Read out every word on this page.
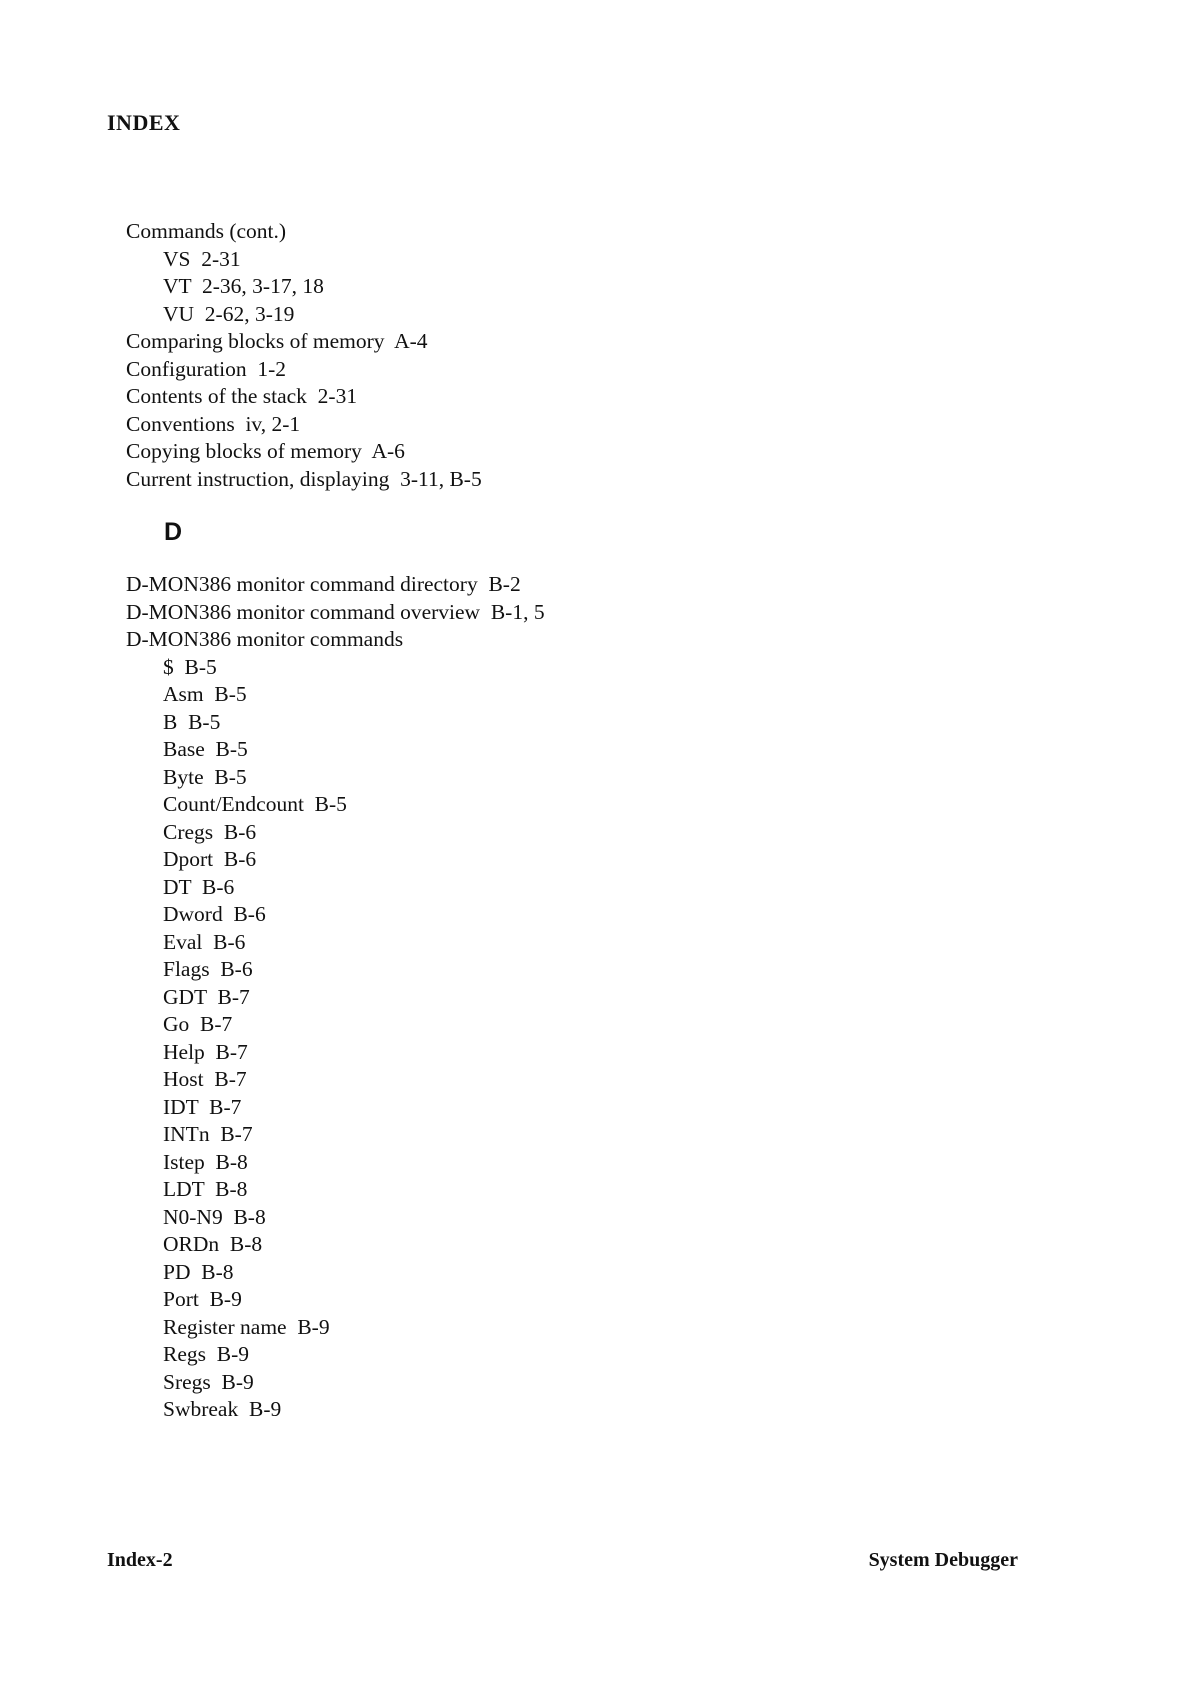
INDEX
Commands (cont.)
VS  2-31
VT  2-36, 3-17, 18
VU  2-62, 3-19
Comparing blocks of memory  A-4
Configuration  1-2
Contents of the stack  2-31
Conventions  iv, 2-1
Copying blocks of memory  A-6
Current instruction, displaying  3-11, B-5
D
D-MON386 monitor command directory  B-2
D-MON386 monitor command overview  B-1, 5
D-MON386 monitor commands
$  B-5
Asm  B-5
B  B-5
Base  B-5
Byte  B-5
Count/Endcount  B-5
Cregs  B-6
Dport  B-6
DT  B-6
Dword  B-6
Eval  B-6
Flags  B-6
GDT  B-7
Go  B-7
Help  B-7
Host  B-7
IDT  B-7
INTn  B-7
Istep  B-8
LDT  B-8
N0-N9  B-8
ORDn  B-8
PD  B-8
Port  B-9
Register name  B-9
Regs  B-9
Sregs  B-9
Swbreak  B-9
Index-2	System Debugger
